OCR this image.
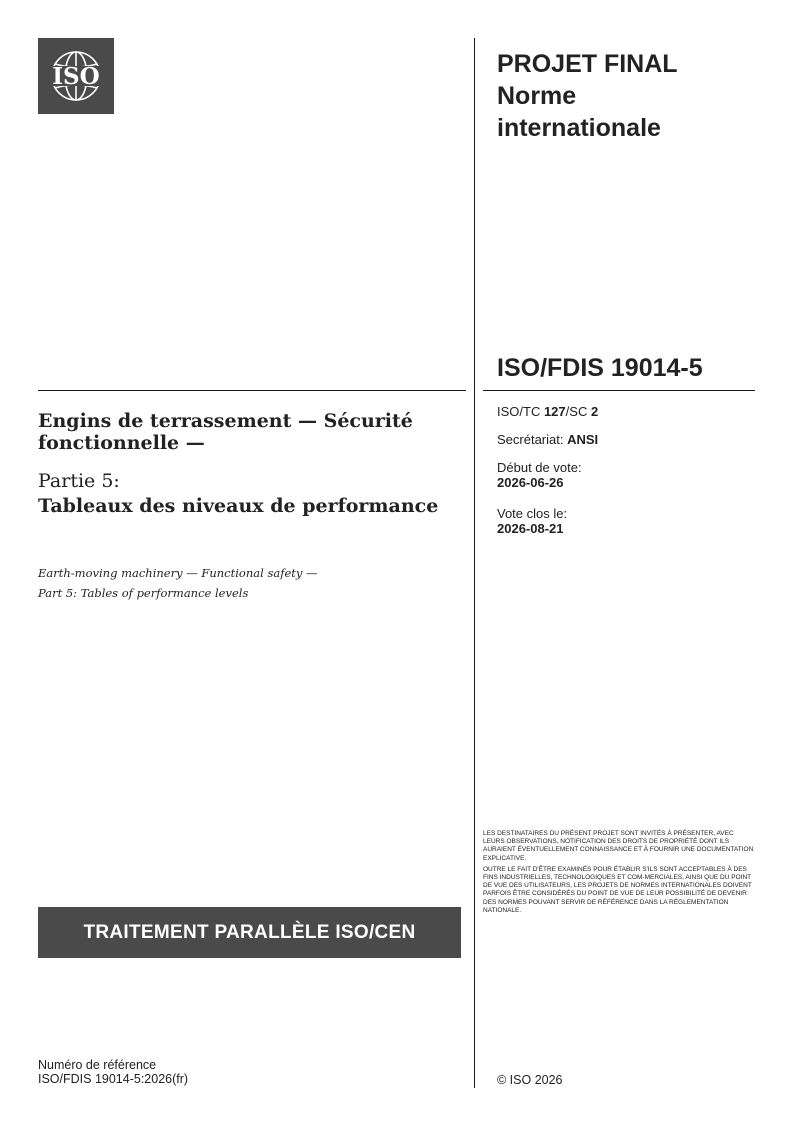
ISO	PROJET FINAL
Norme
internationale
ISO/FDIS 19014-5
ISO/TC 127/SC 2
Secrétariat: ANSI
Début de vote:
2026-06-26
Vote clos le:
2026-08-21
Engins de terrassement — Sécurité fonctionnelle —
Partie 5:
Tableaux des niveaux de performance
Earth-moving machinery — Functional safety —
Part 5: Tables of performance levels
TRAITEMENT PARALLÈLE ISO/CEN

LES DESTINATAIRES DU PRÉSENT PROJET SONT INVITÉS À PRÉSENTER, AVEC LEURS OBSERVATIONS, NOTIFICATION DES DROITS DE PROPRIÉTÉ DONT ILS AURAIENT ÉVENTUELLEMENT CONNAISSANCE ET À FOURNIR UNE DOCUMENTATION EXPLICATIVE.

OUTRE LE FAIT D'ÊTRE EXAMINÉS POUR ÉTABLIR S'ILS SONT ACCEPTABLES À DES FINS INDUSTRIELLES, TECHNOLOGIQUES ET COM-MERCIALES, AINSI QUE DU POINT DE VUE DES UTILISATEURS, LES PROJETS DE NORMES INTERNATIONALES DOIVENT PARFOIS ÊTRE CONSIDÉRÉS DU POINT DE VUE DE LEUR POSSIBILITÉ DE DEVENIR DES NORMES POUVANT SERVIR DE RÉFÉRENCE DANS LA RÉGLEMENTATION NATIONALE.

Numéro de référence
ISO/FDIS 19014-5:2026(fr)	© ISO 2026
